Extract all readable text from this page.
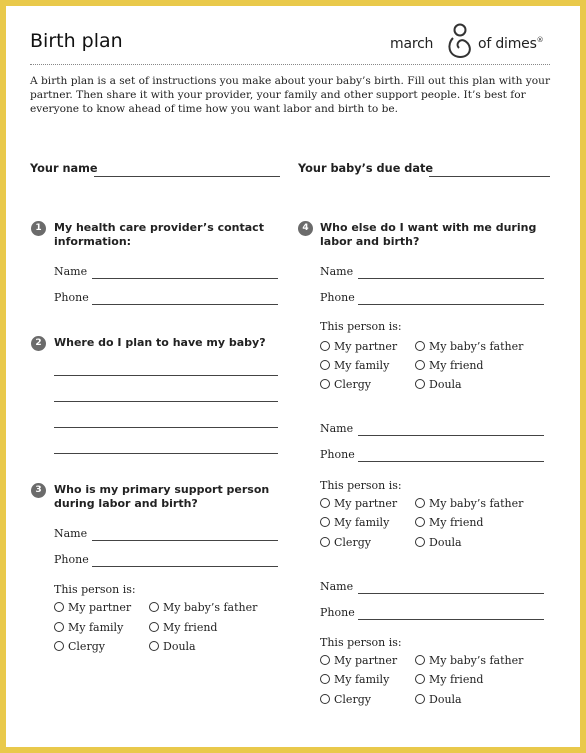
Birth plan	march	of dimes®
A birth plan is a set of instructions you make about your baby’s birth. Fill out this plan with your partner. Then share it with your provider, your family and other support people. It’s best for everyone to know ahead of time how you want labor and birth to be.
Your name	Your baby’s due date
1	My health care provider’s contact information:
Name
Phone
2	Where do I plan to have my baby?
3	Who is my primary support person during labor and birth?
Name
Phone
This person is:
My partner	My baby’s father
My family	My friend
Clergy	Doula
4	Who else do I want with me during labor and birth?
Name
Phone
This person is:
My partner	My baby’s father
My family	My friend
Clergy	Doula
Name
Phone
This person is:
My partner	My baby’s father
My family	My friend
Clergy	Doula
Name
Phone
This person is:
My partner	My baby’s father
My family	My friend
Clergy	Doula
